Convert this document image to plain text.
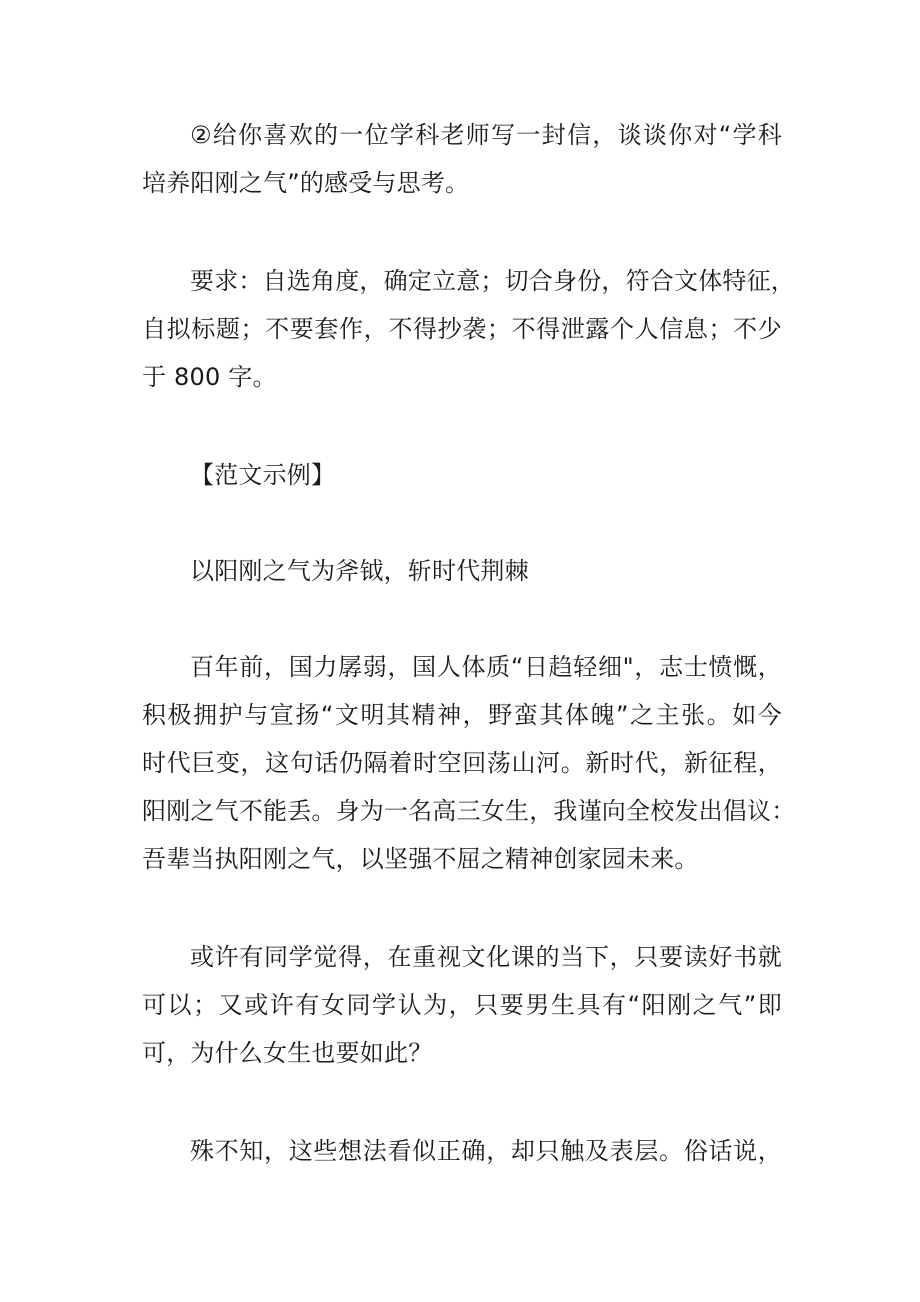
②给你喜欢的一位学科老师写一封信，谈谈你对“学科
培养阳刚之气”的感受与思考。
要求：自选角度，确定立意；切合身份，符合文体特征，
自拟标题；不要套作，不得抄袭；不得泄露个人信息；不少
于 800 字。
【范文示例】
以阳刚之气为斧钺，斩时代荆棘
百年前，国力孱弱，国人体质“日趋轻细"，志士愤慨，
积极拥护与宣扬“文明其精神，野蛮其体魄”之主张。如今
时代巨变，这句话仍隔着时空回荡山河。新时代，新征程，
阳刚之气不能丢。身为一名高三女生，我谨向全校发出倡议：
吾辈当执阳刚之气，以坚强不屈之精神创家园未来。
或许有同学觉得，在重视文化课的当下，只要读好书就
可以；又或许有女同学认为，只要男生具有“阳刚之气”即
可，为什么女生也要如此？
殊不知，这些想法看似正确，却只触及表层。俗话说，
